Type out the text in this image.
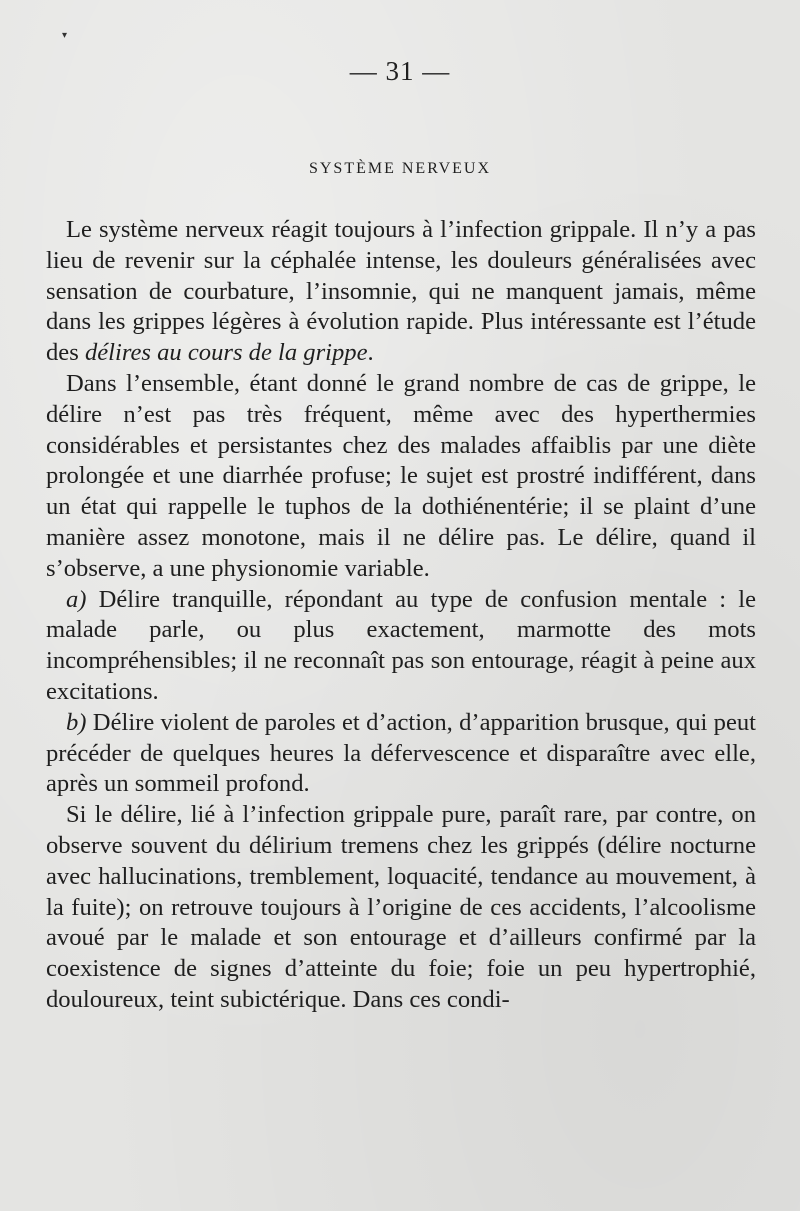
▾
— 31 —
SYSTÈME NERVEUX

Le système nerveux réagit toujours à l’infection grippale. Il n’y a pas lieu de revenir sur la céphalée intense, les douleurs généralisées avec sensation de courbature, l’insomnie, qui ne manquent jamais, même dans les grippes légères à évolution rapide. Plus intéressante est l’étude des délires au cours de la grippe.

Dans l’ensemble, étant donné le grand nombre de cas de grippe, le délire n’est pas très fréquent, même avec des hyperthermies considérables et persistantes chez des malades affaiblis par une diète prolongée et une diarrhée profuse; le sujet est prostré indifférent, dans un état qui rappelle le tuphos de la dothiénentérie; il se plaint d’une manière assez monotone, mais il ne délire pas. Le délire, quand il s’observe, a une physionomie variable.

a) Délire tranquille, répondant au type de confusion mentale : le malade parle, ou plus exactement, marmotte des mots incompréhensibles; il ne reconnaît pas son entourage, réagit à peine aux excitations.

b) Délire violent de paroles et d’action, d’apparition brusque, qui peut précéder de quelques heures la défervescence et disparaître avec elle, après un sommeil profond.

Si le délire, lié à l’infection grippale pure, paraît rare, par contre, on observe souvent du délirium tremens chez les grippés (délire nocturne avec hallucinations, tremblement, loquacité, tendance au mouvement, à la fuite); on retrouve toujours à l’origine de ces accidents, l’alcoolisme avoué par le malade et son entourage et d’ailleurs confirmé par la coexistence de signes d’atteinte du foie; foie un peu hypertrophié, douloureux, teint subictérique. Dans ces condi-
